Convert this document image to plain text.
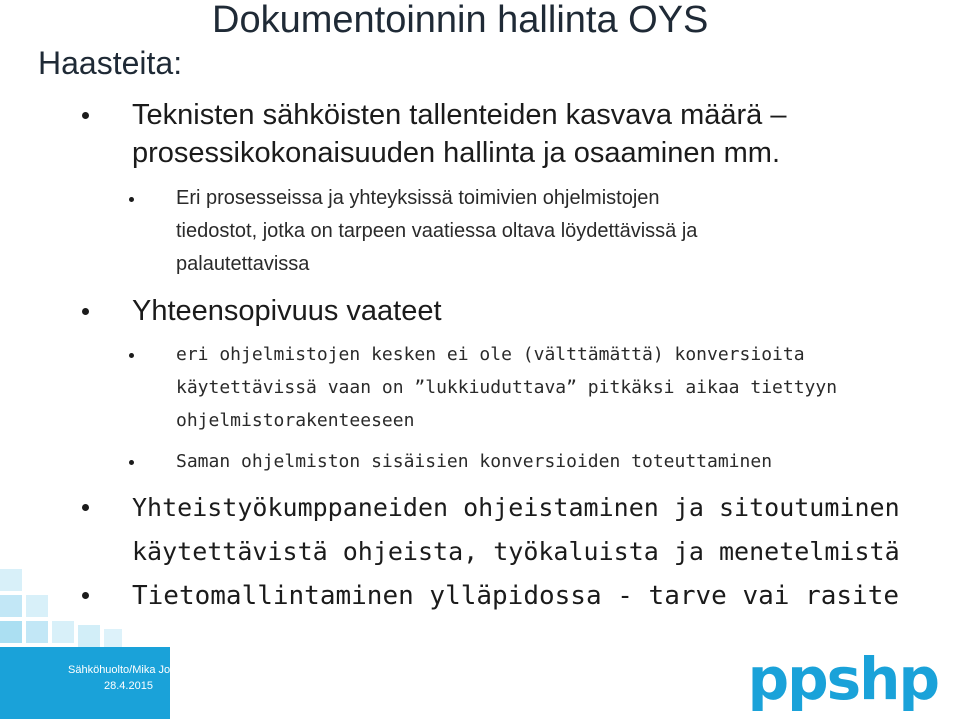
Dokumentoinnin hallinta OYS
Haasteita:
Teknisten sähköisten tallenteiden kasvava määrä –
prosessikokonaisuuden hallinta ja osaaminen mm.
Eri prosesseissa ja yhteyksissä toimivien ohjelmistojen
tiedostot, jotka on tarpeen vaatiessa oltava löydettävissä ja
palautettavissa
Yhteensopivuus vaateet
eri ohjelmistojen kesken ei ole (välttämättä) konversioita
käytettävissä vaan on ”lukkiuduttava” pitkäksi aikaa tiettyyn
ohjelmistorakenteeseen
Saman ohjelmiston sisäisien konversioiden toteuttaminen
Yhteistyökumppaneiden ohjeistaminen ja sitoutuminen
käytettävistä ohjeista, työkaluista ja menetelmistä
Tietomallintaminen ylläpidossa - tarve vai rasite
Sähköhuolto/Mika Joona
28.4.2015	ppshp
